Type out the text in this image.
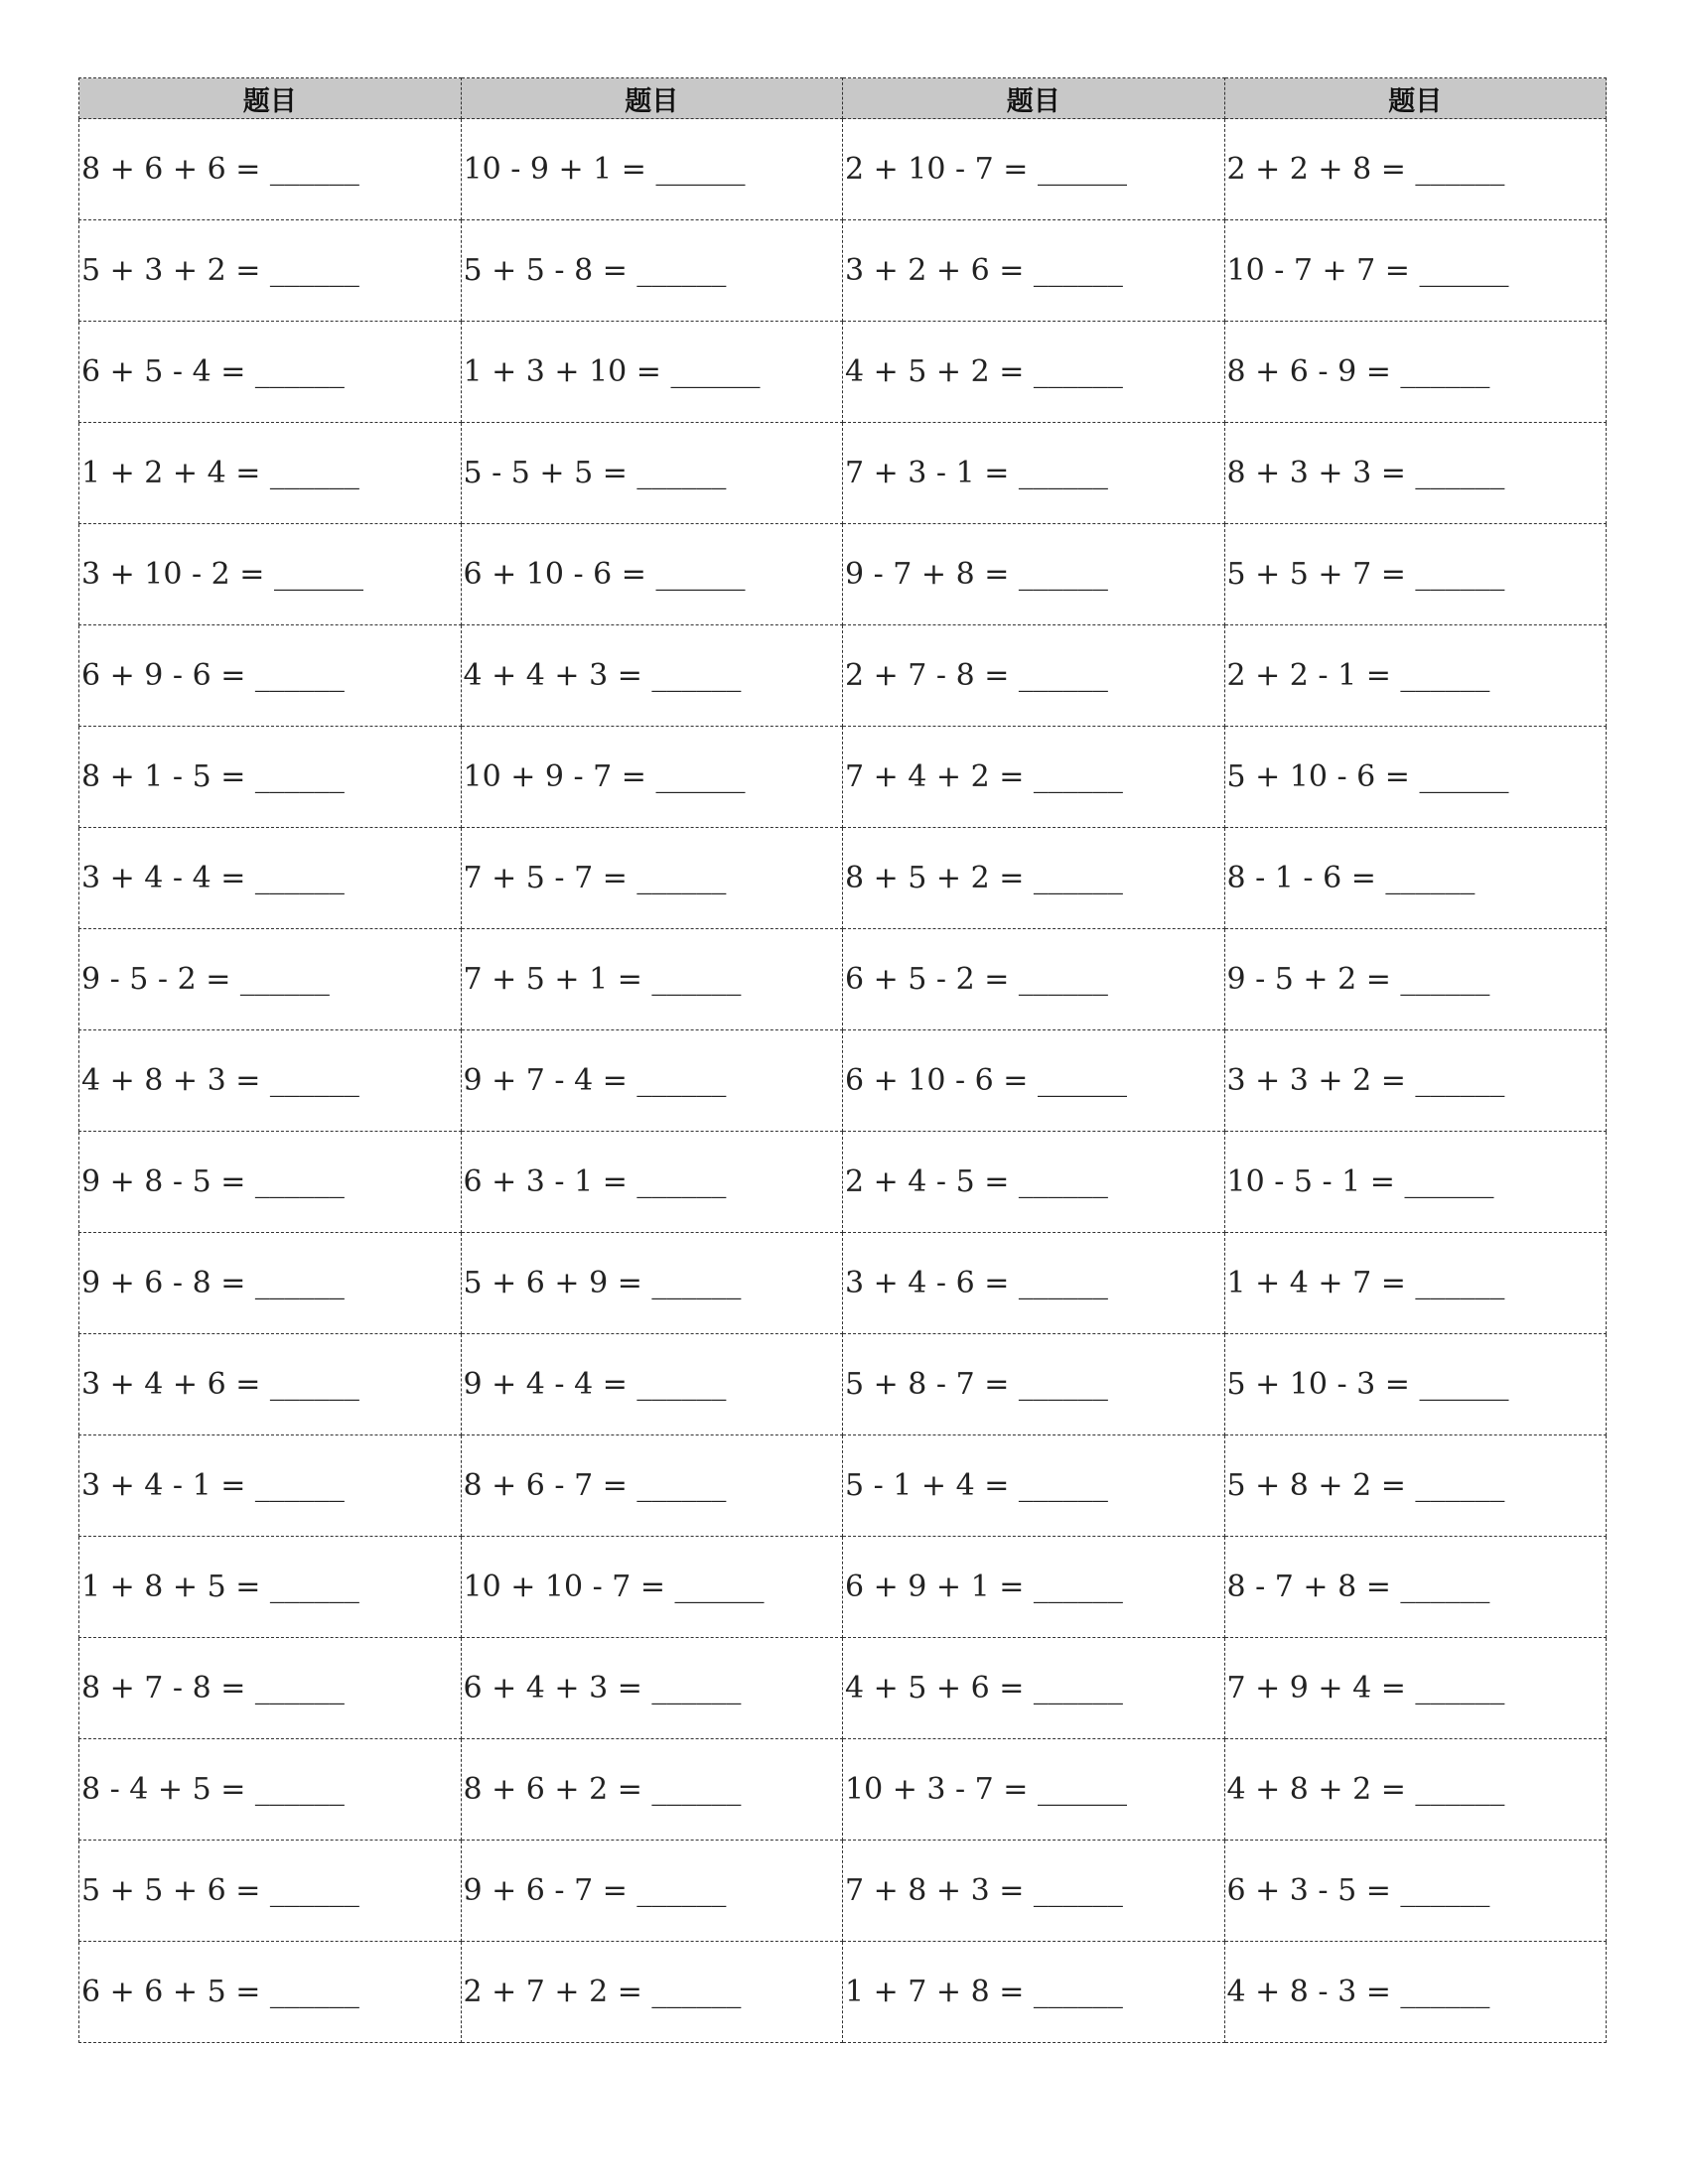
题目	题目	题目	题目
8 + 6 + 6 = ______	10 - 9 + 1 = ______	2 + 10 - 7 = ______	2 + 2 + 8 = ______
5 + 3 + 2 = ______	5 + 5 - 8 = ______	3 + 2 + 6 = ______	10 - 7 + 7 = ______
6 + 5 - 4 = ______	1 + 3 + 10 = ______	4 + 5 + 2 = ______	8 + 6 - 9 = ______
1 + 2 + 4 = ______	5 - 5 + 5 = ______	7 + 3 - 1 = ______	8 + 3 + 3 = ______
3 + 10 - 2 = ______	6 + 10 - 6 = ______	9 - 7 + 8 = ______	5 + 5 + 7 = ______
6 + 9 - 6 = ______	4 + 4 + 3 = ______	2 + 7 - 8 = ______	2 + 2 - 1 = ______
8 + 1 - 5 = ______	10 + 9 - 7 = ______	7 + 4 + 2 = ______	5 + 10 - 6 = ______
3 + 4 - 4 = ______	7 + 5 - 7 = ______	8 + 5 + 2 = ______	8 - 1 - 6 = ______
9 - 5 - 2 = ______	7 + 5 + 1 = ______	6 + 5 - 2 = ______	9 - 5 + 2 = ______
4 + 8 + 3 = ______	9 + 7 - 4 = ______	6 + 10 - 6 = ______	3 + 3 + 2 = ______
9 + 8 - 5 = ______	6 + 3 - 1 = ______	2 + 4 - 5 = ______	10 - 5 - 1 = ______
9 + 6 - 8 = ______	5 + 6 + 9 = ______	3 + 4 - 6 = ______	1 + 4 + 7 = ______
3 + 4 + 6 = ______	9 + 4 - 4 = ______	5 + 8 - 7 = ______	5 + 10 - 3 = ______
3 + 4 - 1 = ______	8 + 6 - 7 = ______	5 - 1 + 4 = ______	5 + 8 + 2 = ______
1 + 8 + 5 = ______	10 + 10 - 7 = ______	6 + 9 + 1 = ______	8 - 7 + 8 = ______
8 + 7 - 8 = ______	6 + 4 + 3 = ______	4 + 5 + 6 = ______	7 + 9 + 4 = ______
8 - 4 + 5 = ______	8 + 6 + 2 = ______	10 + 3 - 7 = ______	4 + 8 + 2 = ______
5 + 5 + 6 = ______	9 + 6 - 7 = ______	7 + 8 + 3 = ______	6 + 3 - 5 = ______
6 + 6 + 5 = ______	2 + 7 + 2 = ______	1 + 7 + 8 = ______	4 + 8 - 3 = ______
